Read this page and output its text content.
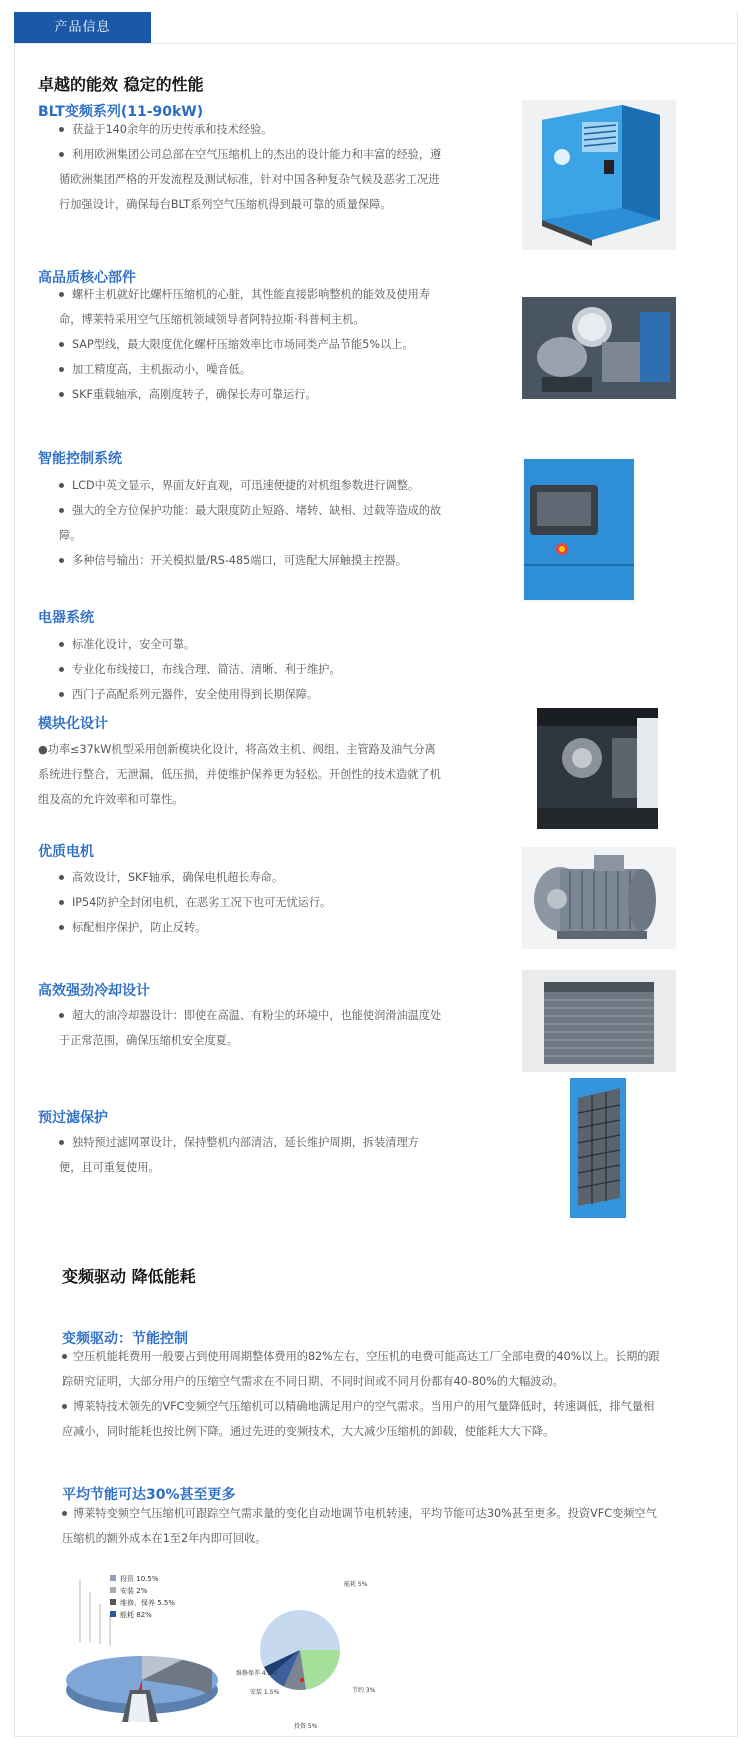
产品信息
卓越的能效 稳定的性能
BLT变频系列(11-90kW)
获益于140余年的历史传承和技术经验。
利用欧洲集团公司总部在空气压缩机上的杰出的设计能力和丰富的经验，遵
循欧洲集团严格的开发流程及测试标准，针对中国各种复杂气候及恶劣工况进
行加强设计，确保每台BLT系列空气压缩机得到最可靠的质量保障。
高品质核心部件
螺杆主机就好比螺杆压缩机的心脏，其性能直接影响整机的能效及使用寿
命，博莱特采用空气压缩机领域领导者阿特拉斯·科普柯主机。
SAP型线，最大限度优化螺杆压缩效率比市场同类产品节能5%以上。
加工精度高，主机振动小，噪音低。
SKF重载轴承，高刚度转子，确保长寿可靠运行。
智能控制系统
LCD中英文显示，界面友好直观，可迅速便捷的对机组参数进行调整。
强大的全方位保护功能：最大限度防止短路、堵转、缺相、过载等造成的故
障。
多种信号输出：开关模拟量/RS-485端口，可选配大屏触摸主控器。
电器系统
标准化设计，安全可靠。
专业化布线接口，布线合理、简洁、清晰、利于维护。
西门子高配系列元器件，安全使用得到长期保障。
模块化设计
●功率≤37kW机型采用创新模块化设计，将高效主机、阀组、主管路及油气分离
系统进行整合，无泄漏，低压损，并使维护保养更为轻松。开创性的技术造就了机
组及高的允许效率和可靠性。
优质电机
高效设计，SKF轴承，确保电机超长寿命。
IP54防护全封闭电机，在恶劣工况下也可无忧运行。
标配相序保护，防止反转。
高效强劲冷却设计
超大的油冷却器设计：即使在高温、有粉尘的环境中，也能使润滑油温度处
于正常范围，确保压缩机安全度夏。
预过滤保护
独特预过滤网罩设计，保持整机内部清洁，延长维护周期，拆装清理方
便，且可重复使用。
变频驱动 降低能耗
变频驱动：节能控制
空压机能耗费用一般要占到使用周期整体费用的82%左右，空压机的电费可能高达工厂全部电费的40%以上。长期的跟
踪研究证明，大部分用户的压缩空气需求在不同日期、不同时间或不同月份都有40-80%的大幅波动。
博莱特技术领先的VFC变频空气压缩机可以精确地满足用户的空气需求。当用户的用气量降低时，转速调低，排气量相
应减小，同时能耗也按比例下降。通过先进的变频技术，大大减少压缩机的卸载，使能耗大大下降。
平均节能可达30%甚至更多
博莱特变频空气压缩机可跟踪空气需求量的变化自动地调节电机转速，平均节能可达30%甚至更多。投资VFC变频空气
压缩机的额外成本在1至2年内即可回收。
投资 10.5%
安装 2%
维修、保养 5.5%
能耗 82%
能耗 5%
节约 3%
投资 5%
安装 1.5%
维修保养 4.5%
